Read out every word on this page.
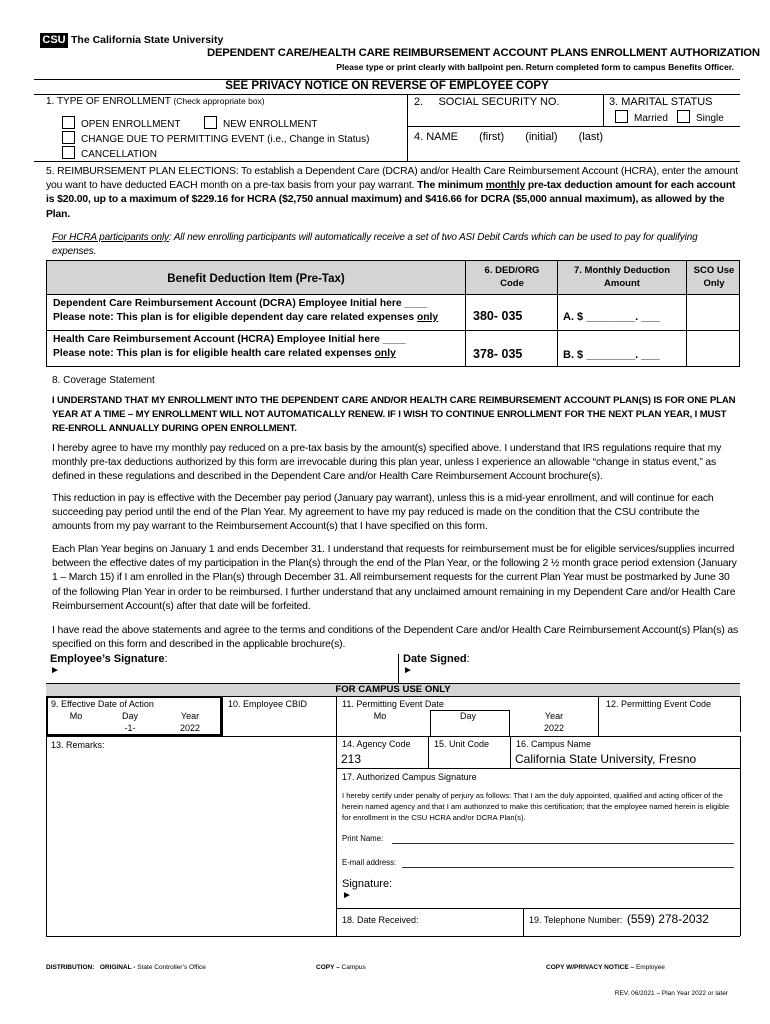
CSU The California State University
DEPENDENT CARE/HEALTH CARE REIMBURSEMENT ACCOUNT PLANS ENROLLMENT AUTHORIZATION
Please type or print clearly with ballpoint pen. Return completed form to campus Benefits Officer.
SEE PRIVACY NOTICE ON REVERSE OF EMPLOYEE COPY
1. TYPE OF ENROLLMENT (Check appropriate box)
OPEN ENROLLMENT	NEW ENROLLMENT
CHANGE DUE TO PERMITTING EVENT (i.e., Change in Status)
CANCELLATION
2. SOCIAL SECURITY NO.	3. MARITAL STATUS
Married	Single
4. NAME (first) (initial) (last)
5. REIMBURSEMENT PLAN ELECTIONS: To establish a Dependent Care (DCRA) and/or Health Care Reimbursement Account (HCRA), enter the amount you want to have deducted EACH month on a pre-tax basis from your pay warrant. The minimum monthly pre-tax deduction amount for each account is $20.00, up to a maximum of $229.16 for HCRA ($2,750 annual maximum) and $416.66 for DCRA ($5,000 annual maximum), as allowed by the Plan.
For HCRA participants only: All new enrolling participants will automatically receive a set of two ASI Debit Cards which can be used to pay for qualifying expenses.
Benefit Deduction Item (Pre-Tax)
6. DED/ORG Code
7. Monthly Deduction Amount
SCO Use Only
Dependent Care Reimbursement Account (DCRA) Employee Initial here ____
Please note: This plan is for eligible dependent day care related expenses only	380- 035	A. $ ________. ___
Health Care Reimbursement Account (HCRA) Employee Initial here ____
Please note: This plan is for eligible health care related expenses only	378- 035	B. $ ________. ___
8. Coverage Statement
I UNDERSTAND THAT MY ENROLLMENT INTO THE DEPENDENT CARE AND/OR HEALTH CARE REIMBURSEMENT ACCOUNT PLAN(S) IS FOR ONE PLAN YEAR AT A TIME – MY ENROLLMENT WILL NOT AUTOMATICALLY RENEW. IF I WISH TO CONTINUE ENROLLMENT FOR THE NEXT PLAN YEAR, I MUST RE-ENROLL ANNUALLY DURING OPEN ENROLLMENT.
I hereby agree to have my monthly pay reduced on a pre-tax basis by the amount(s) specified above. I understand that IRS regulations require that my monthly pre-tax deductions authorized by this form are irrevocable during this plan year, unless I experience an allowable “change in status event,” as defined in these regulations and described in the Dependent Care and/or Health Care Reimbursement Account brochure(s).
This reduction in pay is effective with the December pay period (January pay warrant), unless this is a mid-year enrollment, and will continue for each succeeding pay period until the end of the Plan Year. My agreement to have my pay reduced is made on the condition that the CSU contribute the amounts from my pay warrant to the Reimbursement Account(s) that I have specified on this form.
Each Plan Year begins on January 1 and ends December 31. I understand that requests for reimbursement must be for eligible services/supplies incurred between the effective dates of my participation in the Plan(s) through the end of the Plan Year, or the following 2 ½ month grace period extension (January 1 – March 15) if I am enrolled in the Plan(s) through December 31. All reimbursement requests for the current Plan Year must be postmarked by June 30 of the following Plan Year in order to be reimbursed. I further understand that any unclaimed amount remaining in my Dependent Care and/or Health Care Reimbursement Account(s) after that date will be forfeited.
I have read the above statements and agree to the terms and conditions of the Dependent Care and/or Health Care Reimbursement Account(s) Plan(s) as specified on this form and described in the applicable brochure(s).
Employee’s Signature:
►
Date Signed:
►
FOR CAMPUS USE ONLY
9. Effective Date of Action
Mo	Day	Year
-1-	2022
10. Employee CBID	11. Permitting Event Date
Mo	Day	Year
2022
12. Permitting Event Code
13. Remarks:	14. Agency Code
213
15. Unit Code	16. Campus Name
California State University, Fresno
17. Authorized Campus Signature
I hereby certify under penalty of perjury as follows: That I am the duly appointed, qualified and acting officer of the herein named agency and that I am authorized to make this certification; that the employee named herein is eligible for enrollment in the CSU HCRA and/or DCRA Plan(s).
Print Name:
E-mail address:
Signature:
►
18. Date Received:	19. Telephone Number: (559) 278-2032
DISTRIBUTION: ORIGINAL - State Controller’s Office	COPY – Campus	COPY W/PRIVACY NOTICE – Employee
REV. 06/2021 – Plan Year 2022 or later
